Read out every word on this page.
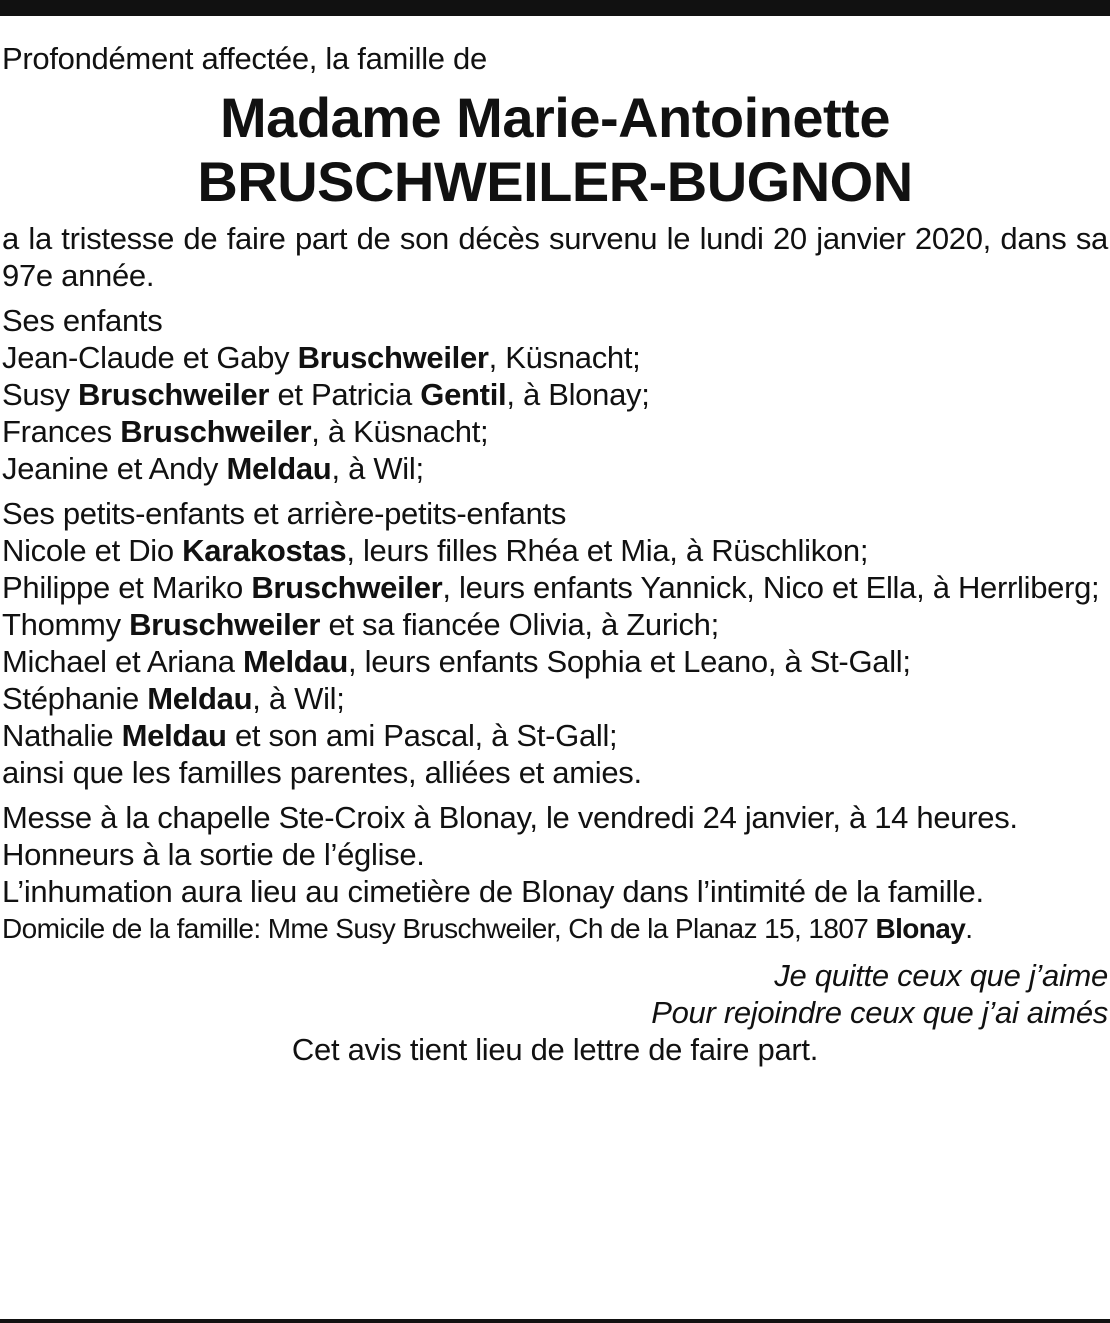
Profondément affectée, la famille de

Madame Marie-Antoinette
BRUSCHWEILER-BUGNON

a la tristesse de faire part de son décès survenu le lundi 20 janvier 2020, dans sa 97e année.

Ses enfants

Jean-Claude et Gaby Bruschweiler, Küsnacht;

Susy Bruschweiler et Patricia Gentil, à Blonay;

Frances Bruschweiler, à Küsnacht;

Jeanine et Andy Meldau, à Wil;

Ses petits-enfants et arrière-petits-enfants

Nicole et Dio Karakostas, leurs filles Rhéa et Mia, à Rüschlikon;

Philippe et Mariko Bruschweiler, leurs enfants Yannick, Nico et Ella, à Herrliberg;

Thommy Bruschweiler et sa fiancée Olivia, à Zurich;

Michael et Ariana Meldau, leurs enfants Sophia et Leano, à St-Gall;

Stéphanie Meldau, à Wil;

Nathalie Meldau et son ami Pascal, à St-Gall;

ainsi que les familles parentes, alliées et amies.

Messe à la chapelle Ste-Croix à Blonay, le vendredi 24 janvier, à 14 heures.

Honneurs à la sortie de l’église.

L’inhumation aura lieu au cimetière de Blonay dans l’intimité de la famille.

Domicile de la famille: Mme Susy Bruschweiler, Ch de la Planaz 15, 1807 Blonay.

Je quitte ceux que j’aime

Pour rejoindre ceux que j’ai aimés

Cet avis tient lieu de lettre de faire part.
